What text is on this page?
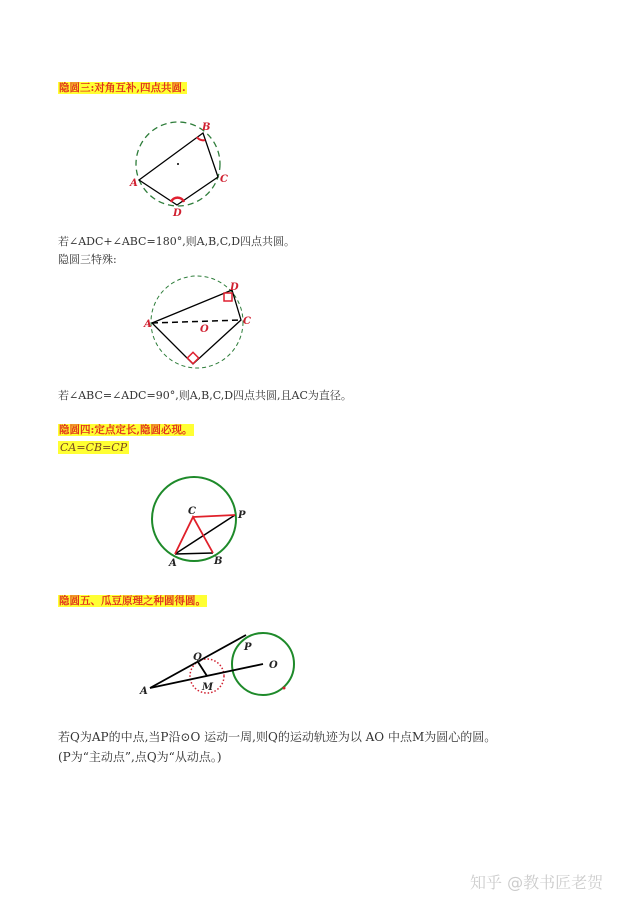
隐圆三:对角互补,四点共圆.
B
A	C
D
A	C
D
O
C	P
A	B
P
Q
M
O
A
若∠ADC+∠ABC=180°,则A,B,C,D四点共圆。
隐圆三特殊:
若∠ABC=∠ADC=90°,则A,B,C,D四点共圆,且AC为直径。
隐圆四:定点定长,隐圆必现。
CA=CB=CP
隐圆五、瓜豆原理之种圆得圆。
若Q为AP的中点,当P沿⊙O 运动一周,则Q的运动轨迹为以 AO 中点M为圆心的圆。
(P为“主动点”,点Q为“从动点。)
知乎 @教书匠老贺
